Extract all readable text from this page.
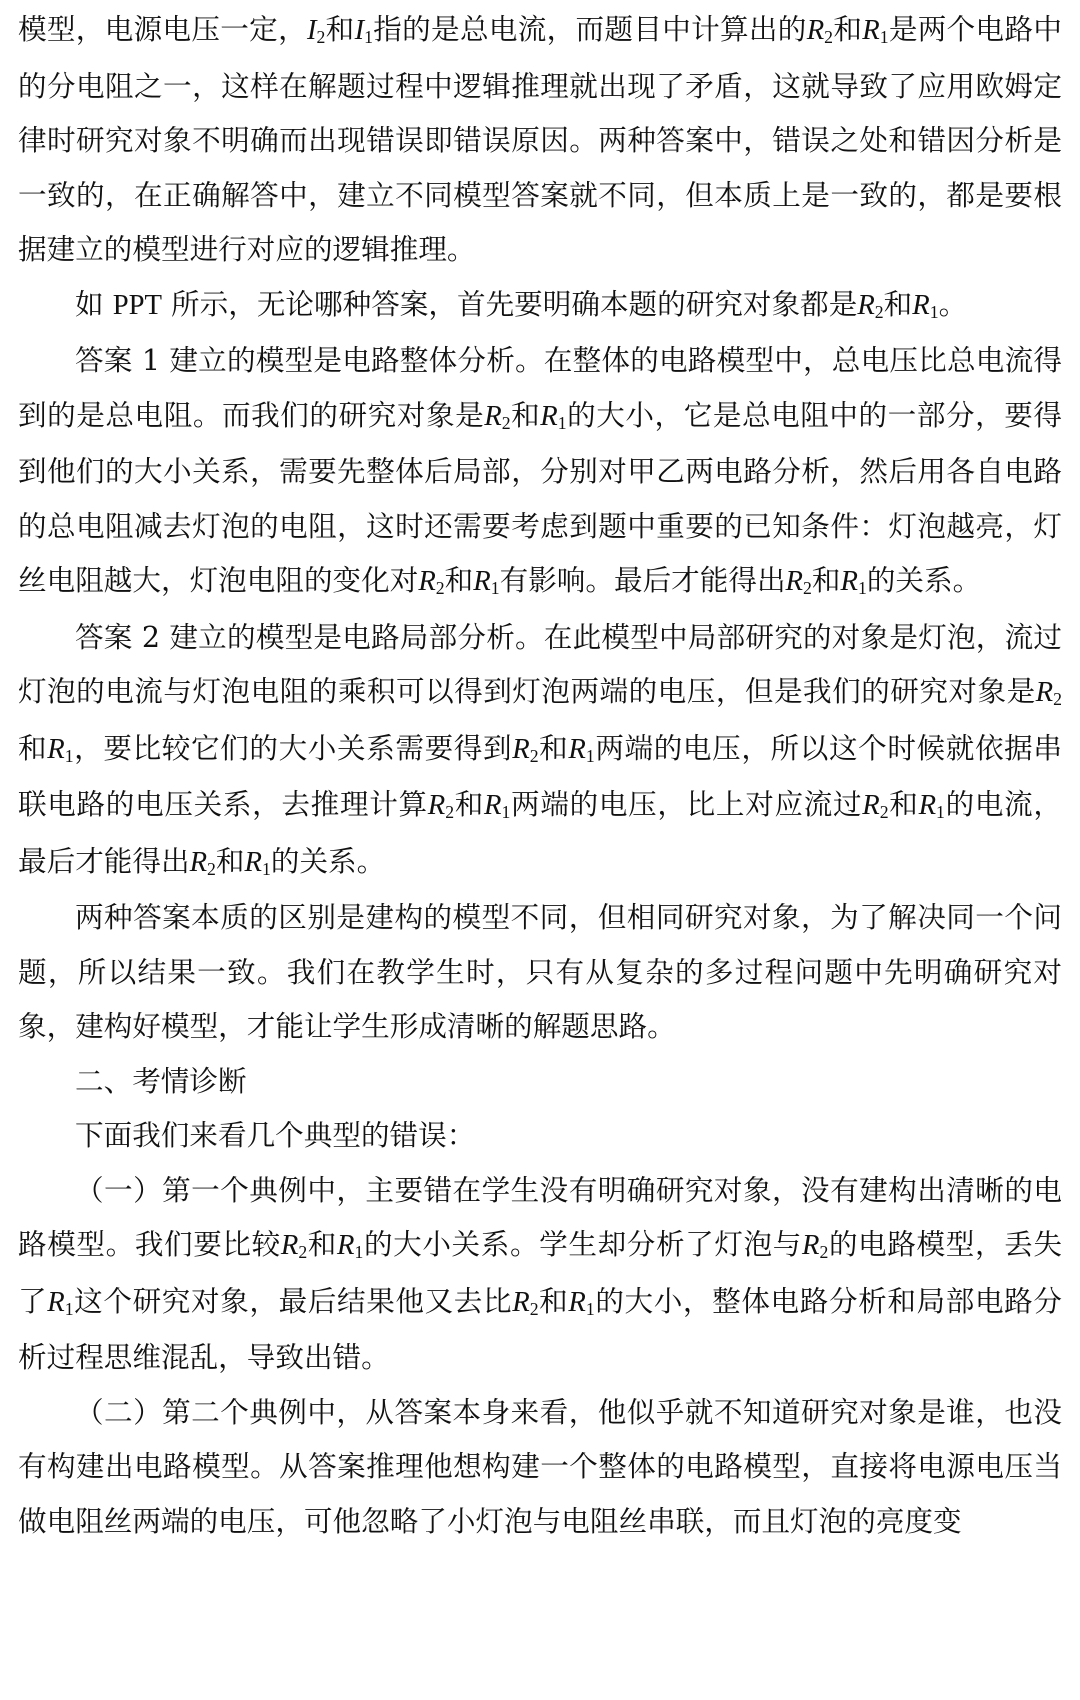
模型，电源电压一定，$I_2$和$I_1$指的是总电流，而题目中计算出的$R_2$和$R_1$是两个电路中的分电阻之一，这样在解题过程中逻辑推理就出现了矛盾，这就导致了应用欧姆定律时研究对象不明确而出现错误即错误原因。两种答案中，错误之处和错因分析是一致的，在正确解答中，建立不同模型答案就不同，但本质上是一致的，都是要根据建立的模型进行对应的逻辑推理。

如 PPT 所示，无论哪种答案，首先要明确本题的研究对象都是$R_2$和$R_1$。

答案 1 建立的模型是电路整体分析。在整体的电路模型中，总电压比总电流得到的是总电阻。而我们的研究对象是$R_2$和$R_1$的大小，它是总电阻中的一部分，要得到他们的大小关系，需要先整体后局部，分别对甲乙两电路分析，然后用各自电路的总电阻减去灯泡的电阻，这时还需要考虑到题中重要的已知条件：灯泡越亮，灯丝电阻越大，灯泡电阻的变化对$R_2$和$R_1$有影响。最后才能得出$R_2$和$R_1$的关系。

答案 2 建立的模型是电路局部分析。在此模型中局部研究的对象是灯泡，流过灯泡的电流与灯泡电阻的乘积可以得到灯泡两端的电压，但是我们的研究对象是$R_2$和$R_1$，要比较它们的大小关系需要得到$R_2$和$R_1$两端的电压，所以这个时候就依据串联电路的电压关系，去推理计算$R_2$和$R_1$两端的电压，比上对应流过$R_2$和$R_1$的电流，最后才能得出$R_2$和$R_1$的关系。

两种答案本质的区别是建构的模型不同，但相同研究对象，为了解决同一个问题，所以结果一致。我们在教学生时，只有从复杂的多过程问题中先明确研究对象，建构好模型，才能让学生形成清晰的解题思路。

二、考情诊断

下面我们来看几个典型的错误：

（一）第一个典例中，主要错在学生没有明确研究对象，没有建构出清晰的电路模型。我们要比较$R_2$和$R_1$的大小关系。学生却分析了灯泡与$R_2$的电路模型，丢失了$R_1$这个研究对象，最后结果他又去比$R_2$和$R_1$的大小，整体电路分析和局部电路分析过程思维混乱，导致出错。

（二）第二个典例中，从答案本身来看，他似乎就不知道研究对象是谁，也没有构建出电路模型。从答案推理他想构建一个整体的电路模型，直接将电源电压当做电阻丝两端的电压，可他忽略了小灯泡与电阻丝串联，而且灯泡的亮度变
